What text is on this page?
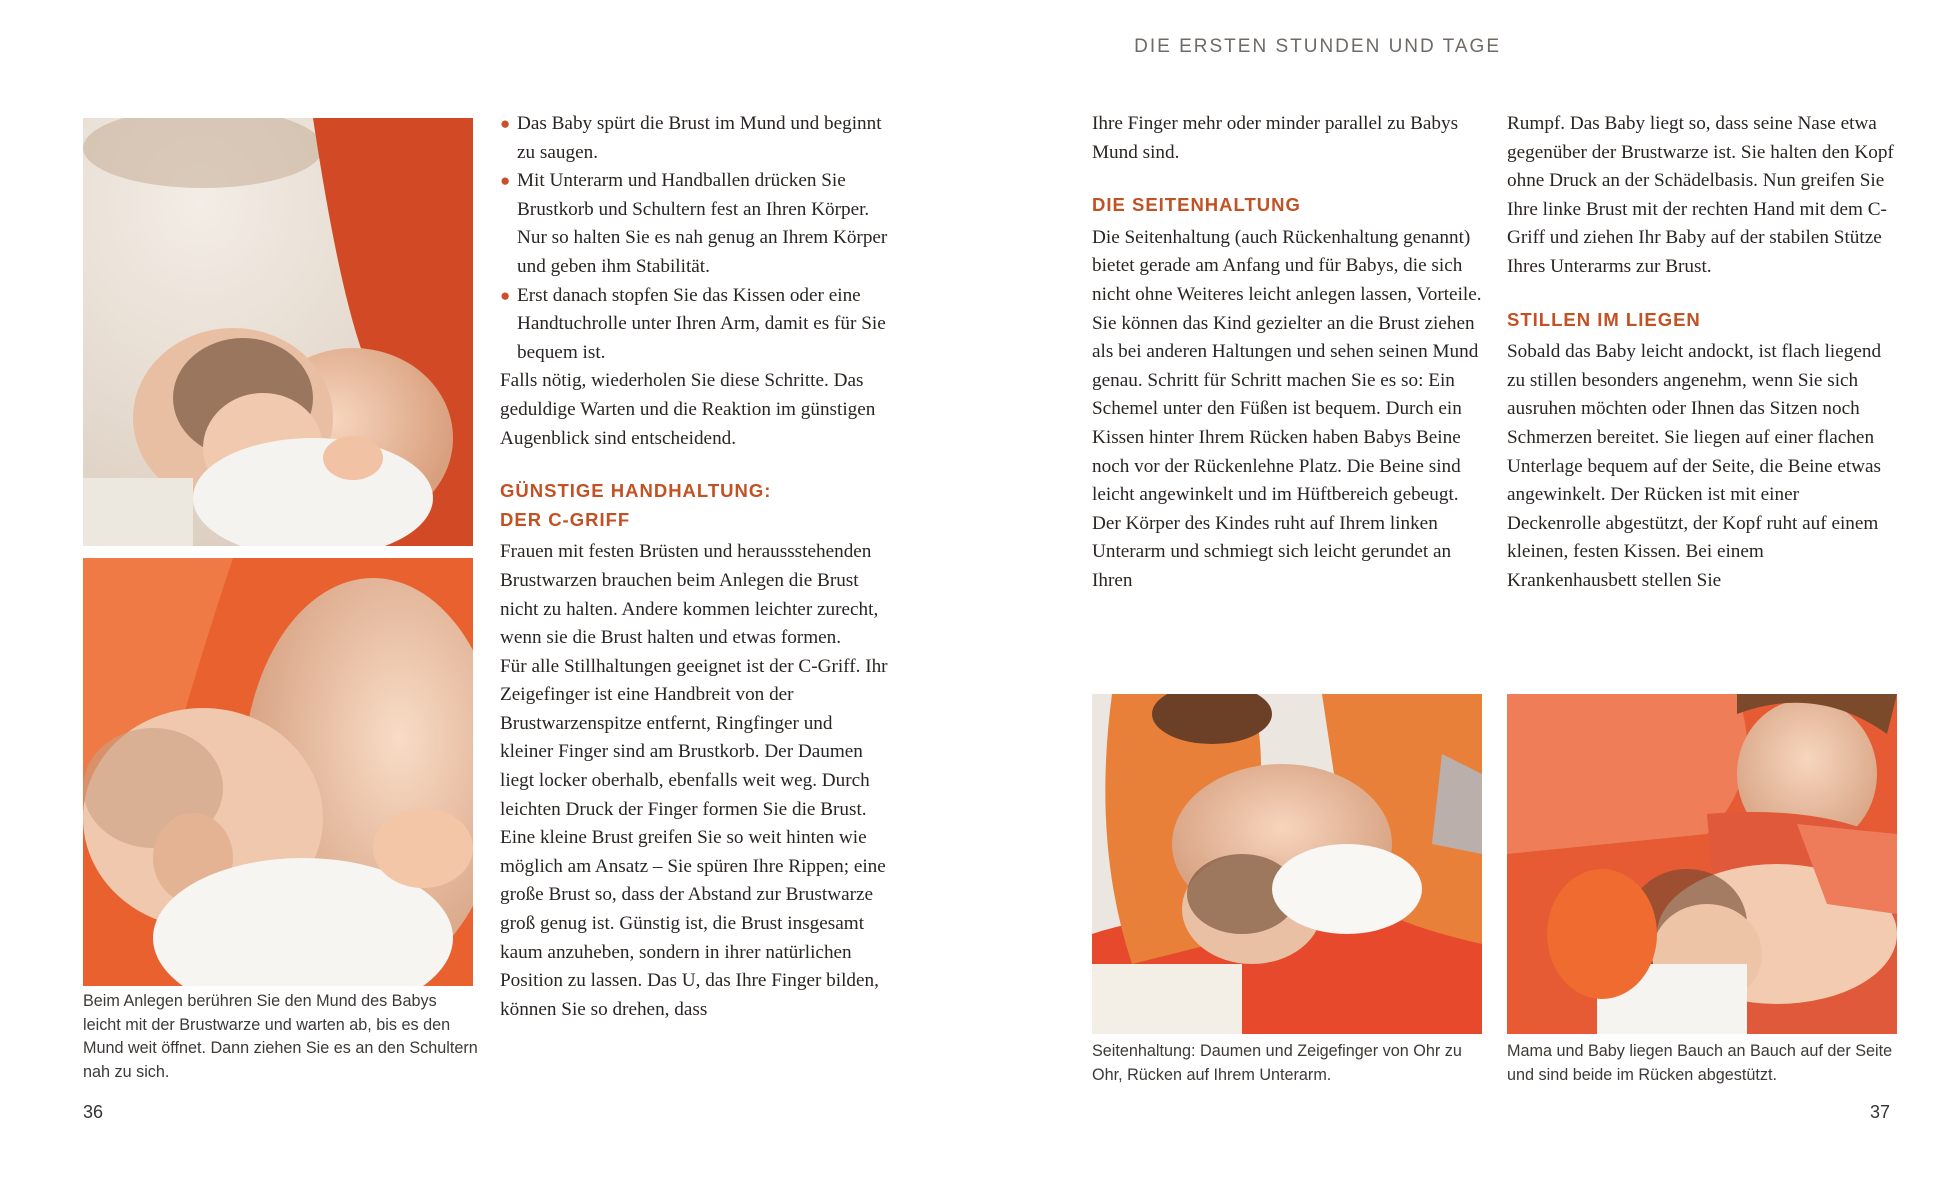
DIE ERSTEN STUNDEN UND TAGE
Beim Anlegen berühren Sie den Mund des Babys leicht mit der Brustwarze und warten ab, bis es den Mund weit öffnet. Dann ziehen Sie es an den Schultern nah zu sich.
● Das Baby spürt die Brust im Mund und beginnt zu saugen.
● Mit Unterarm und Handballen drücken Sie Brustkorb und Schultern fest an Ihren Körper. Nur so halten Sie es nah genug an Ihrem Körper und geben ihm Stabilität.
● Erst danach stopfen Sie das Kissen oder eine Handtuchrolle unter Ihren Arm, damit es für Sie bequem ist.

Falls nötig, wiederholen Sie diese Schritte. Das geduldige Warten und die Reaktion im günstigen Augenblick sind entscheidend.

GÜNSTIGE HANDHALTUNG:
DER C-GRIFF

Frauen mit festen Brüsten und heraussstehenden Brustwarzen brauchen beim Anlegen die Brust nicht zu halten. Andere kommen leichter zurecht, wenn sie die Brust halten und etwas formen.

Für alle Stillhaltungen geeignet ist der C-Griff. Ihr Zeigefinger ist eine Handbreit von der Brustwarzenspitze entfernt, Ringfinger und kleiner Finger sind am Brustkorb. Der Daumen liegt locker oberhalb, ebenfalls weit weg. Durch leichten Druck der Finger formen Sie die Brust. Eine kleine Brust greifen Sie so weit hinten wie möglich am Ansatz – Sie spüren Ihre Rippen; eine große Brust so, dass der Abstand zur Brustwarze groß genug ist. Günstig ist, die Brust insgesamt kaum anzuheben, sondern in ihrer natürlichen Position zu lassen. Das U, das Ihre Finger bilden, können Sie so drehen, dass

36

Ihre Finger mehr oder minder parallel zu Babys Mund sind.

DIE SEITENHALTUNG

Die Seitenhaltung (auch Rückenhaltung genannt) bietet gerade am Anfang und für Babys, die sich nicht ohne Weiteres leicht anlegen lassen, Vorteile. Sie können das Kind gezielter an die Brust ziehen als bei anderen Haltungen und sehen seinen Mund genau. Schritt für Schritt machen Sie es so: Ein Schemel unter den Füßen ist bequem. Durch ein Kissen hinter Ihrem Rücken haben Babys Beine noch vor der Rückenlehne Platz. Die Beine sind leicht angewinkelt und im Hüftbereich gebeugt. Der Körper des Kindes ruht auf Ihrem linken Unterarm und schmiegt sich leicht gerundet an Ihren

Rumpf. Das Baby liegt so, dass seine Nase etwa gegenüber der Brustwarze ist. Sie halten den Kopf ohne Druck an der Schädelbasis. Nun greifen Sie Ihre linke Brust mit der rechten Hand mit dem C-Griff und ziehen Ihr Baby auf der stabilen Stütze Ihres Unterarms zur Brust.

STILLEN IM LIEGEN

Sobald das Baby leicht andockt, ist flach liegend zu stillen besonders angenehm, wenn Sie sich ausruhen möchten oder Ihnen das Sitzen noch Schmerzen bereitet. Sie liegen auf einer flachen Unterlage bequem auf der Seite, die Beine etwas angewinkelt. Der Rücken ist mit einer Deckenrolle abgestützt, der Kopf ruht auf einem kleinen, festen Kissen. Bei einem Krankenhausbett stellen Sie

Seitenhaltung: Daumen und Zeigefinger von Ohr zu Ohr, Rücken auf Ihrem Unterarm.
Mama und Baby liegen Bauch an Bauch auf der Seite und sind beide im Rücken abgestützt.
37
